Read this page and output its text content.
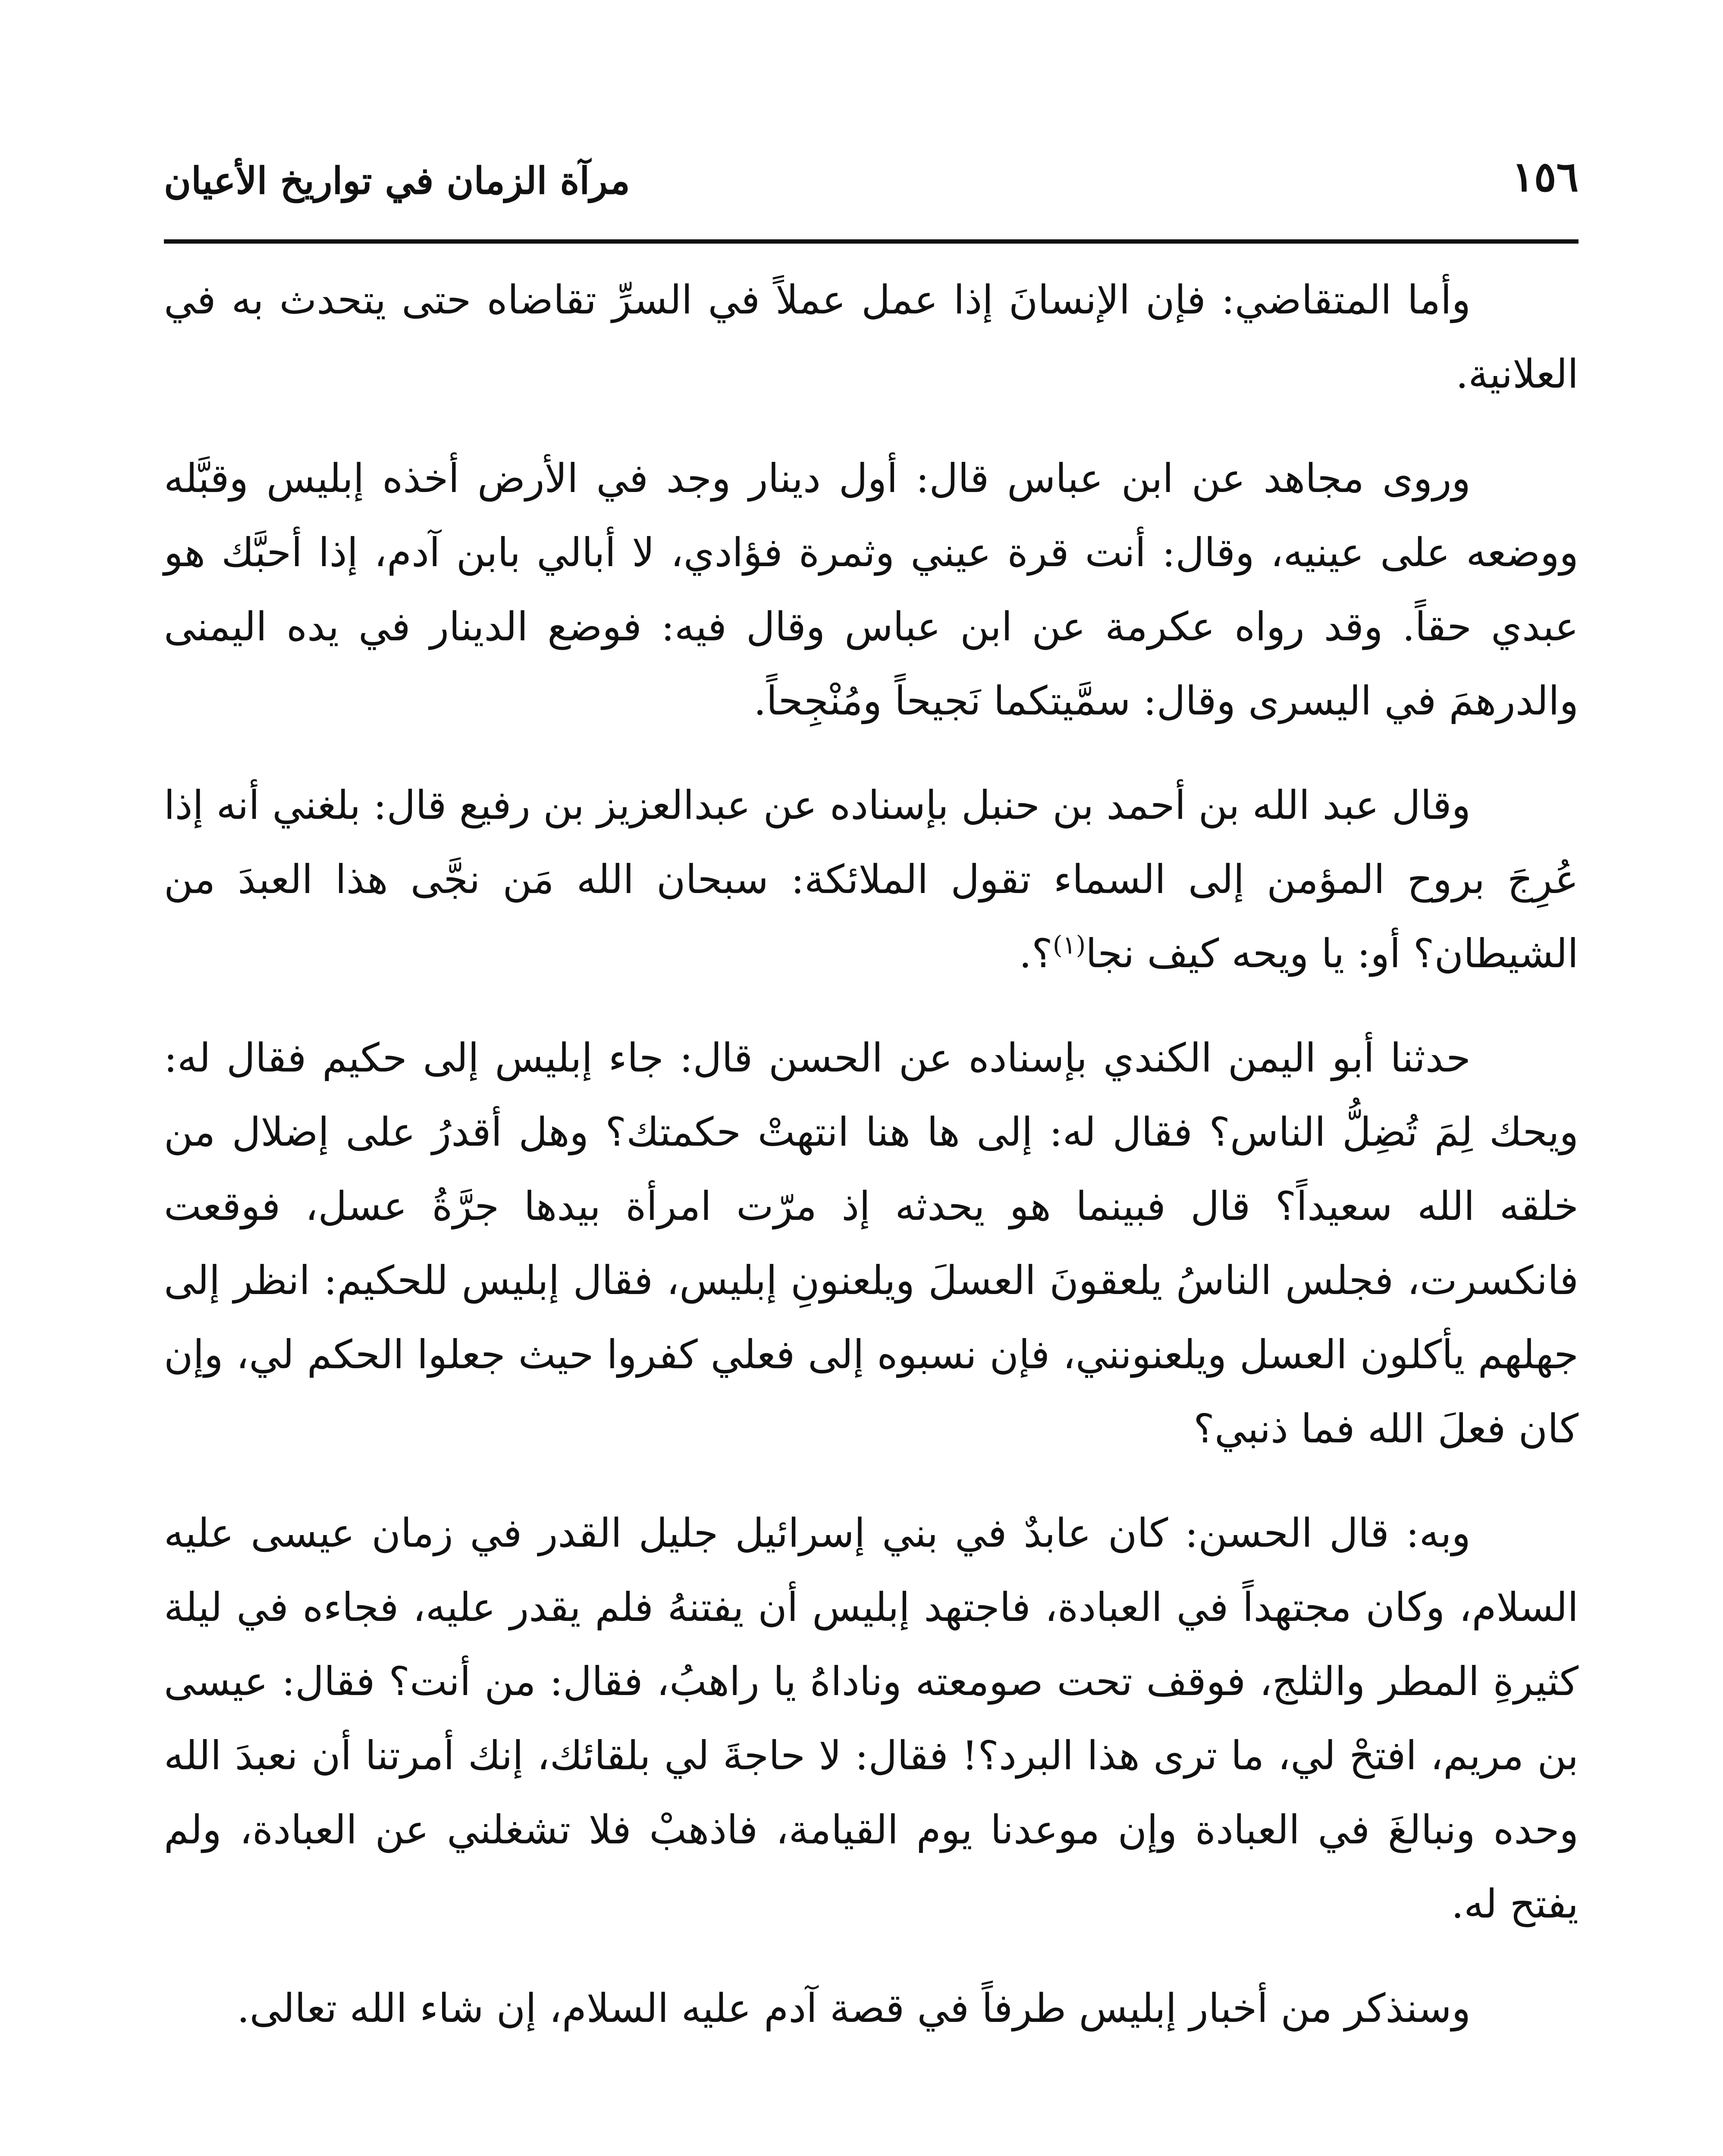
١٥٦
مرآة الزمان في تواريخ الأعيان

وأما المتقاضي: فإن الإنسانَ إذا عمل عملاً في السرِّ تقاضاه حتى يتحدث به في العلانية.

وروى مجاهد عن ابن عباس قال: أول دينار وجد في الأرض أخذه إبليس وقبَّله ووضعه على عينيه، وقال: أنت قرة عيني وثمرة فؤادي، لا أبالي بابن آدم، إذا أحبَّك هو عبدي حقاً. وقد رواه عكرمة عن ابن عباس وقال فيه: فوضع الدينار في يده اليمنى والدرهمَ في اليسرى وقال: سمَّيتكما نَجيحاً ومُنْجِحاً.

وقال عبد الله بن أحمد بن حنبل بإسناده عن عبدالعزيز بن رفيع قال: بلغني أنه إذا عُرِجَ بروح المؤمن إلى السماء تقول الملائكة: سبحان الله مَن نجَّى هذا العبدَ من الشيطان؟ أو: يا ويحه كيف نجا$^{(١)}$؟.

حدثنا أبو اليمن الكندي بإسناده عن الحسن قال: جاء إبليس إلى حكيم فقال له: ويحك لِمَ تُضِلُّ الناس؟ فقال له: إلى ها هنا انتهتْ حكمتك؟ وهل أقدرُ على إضلال من خلقه الله سعيداً؟ قال فبينما هو يحدثه إذ مرّت امرأة بيدها جرَّةُ عسل، فوقعت فانكسرت، فجلس الناسُ يلعقونَ العسلَ ويلعنونِ إبليس، فقال إبليس للحكيم: انظر إلى جهلهم يأكلون العسل ويلعنونني، فإن نسبوه إلى فعلي كفروا حيث جعلوا الحكم لي، وإن كان فعلَ الله فما ذنبي؟

وبه: قال الحسن: كان عابدٌ في بني إسرائيل جليل القدر في زمان عيسى عليه السلام، وكان مجتهداً في العبادة، فاجتهد إبليس أن يفتنهُ فلم يقدر عليه، فجاءه في ليلة كثيرةِ المطر والثلج، فوقف تحت صومعته وناداهُ يا راهبُ، فقال: من أنت؟ فقال: عيسى بن مريم، افتحْ لي، ما ترى هذا البرد؟! فقال: لا حاجةَ لي بلقائك، إنك أمرتنا أن نعبدَ الله وحده ونبالغَ في العبادة وإن موعدنا يوم القيامة، فاذهبْ فلا تشغلني عن العبادة، ولم يفتح له.

وسنذكر من أخبار إبليس طرفاً في قصة آدم عليه السلام، إن شاء الله تعالى.
